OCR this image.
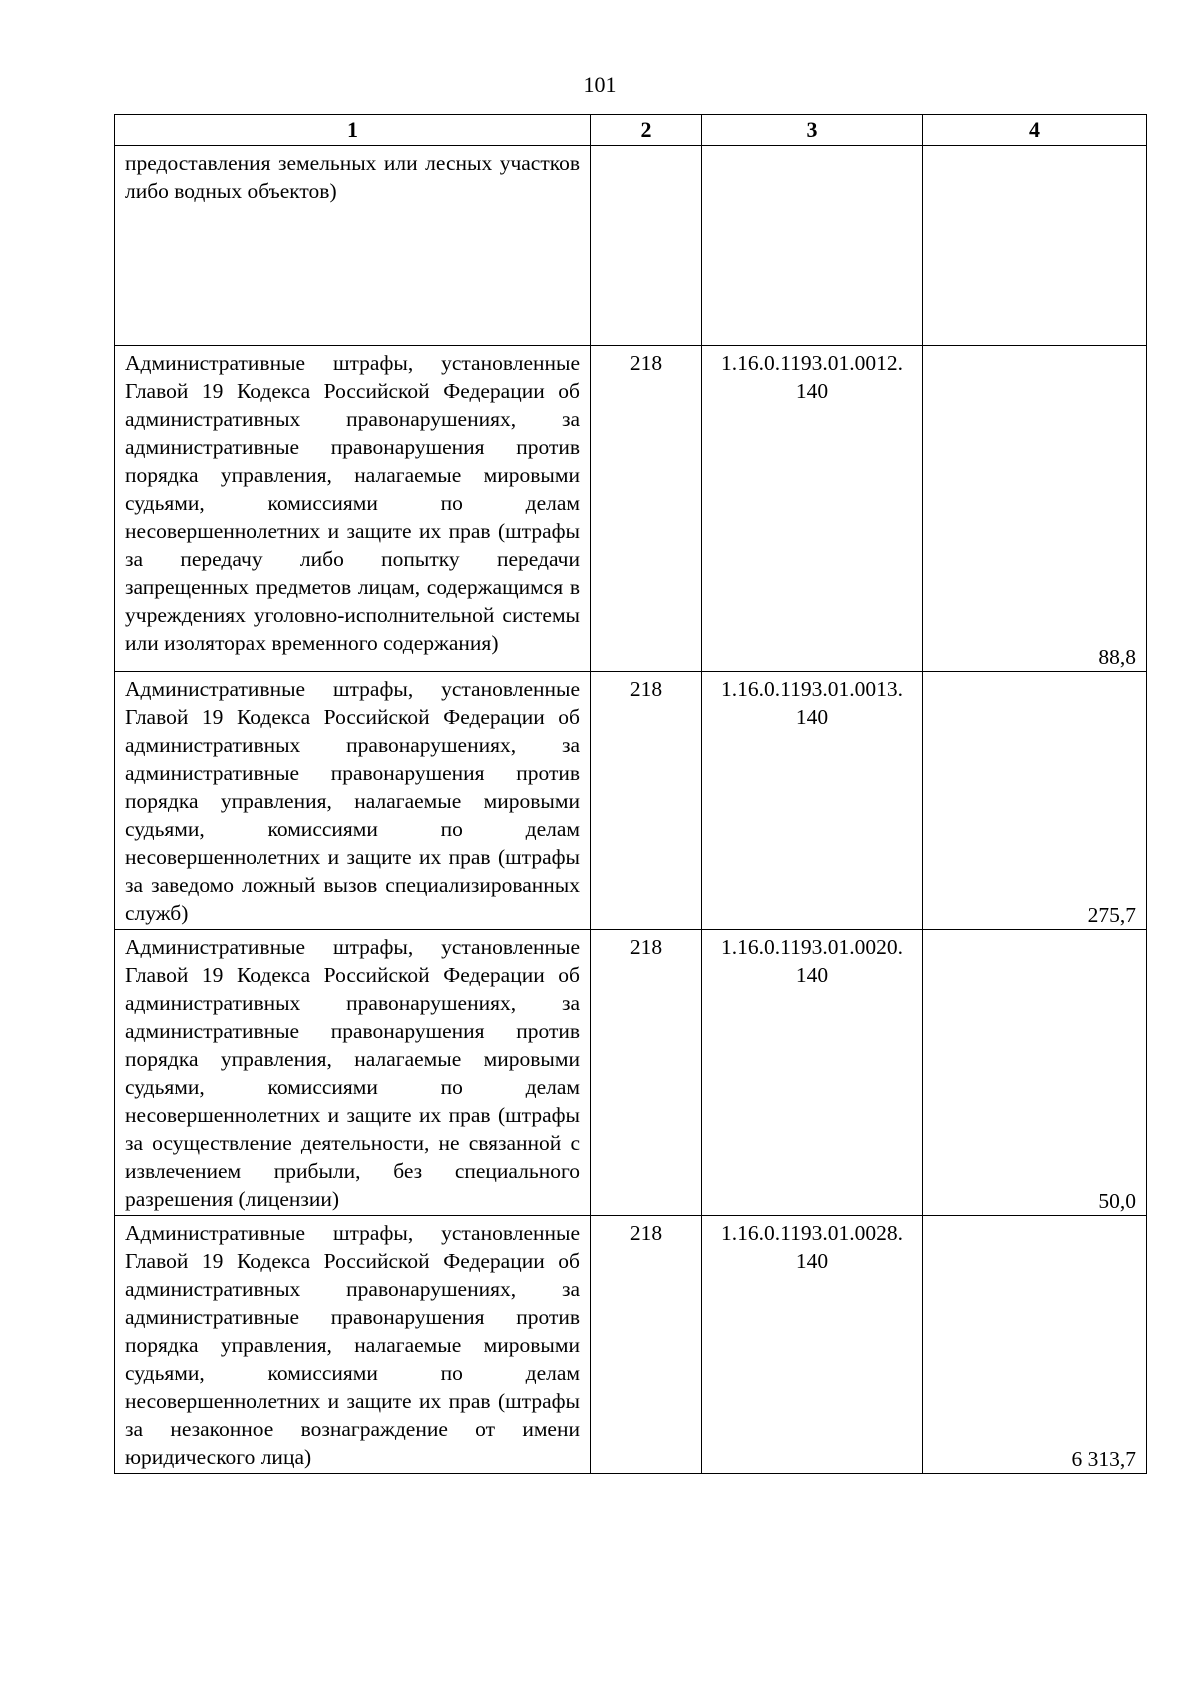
101
1	2	3	4

предоставления земельных или лесных участков либо водных объектов)			

Административные штрафы, установленные Главой 19 Кодекса Российской Федерации об административных правонарушениях, за административные правонарушения против порядка управления, налагаемые мировыми судьями, комиссиями по делам несовершеннолетних и защите их прав (штрафы за передачу либо попытку передачи запрещенных предметов лицам, содержащимся в учреждениях уголовно-исполнительной системы или изоляторах временного содержания)	218	1.16.0.1193.01.0012.
140	88,8

Административные штрафы, установленные Главой 19 Кодекса Российской Федерации об административных правонарушениях, за административные правонарушения против порядка управления, налагаемые мировыми судьями, комиссиями по делам несовершеннолетних и защите их прав (штрафы за заведомо ложный вызов специализированных служб)	218	1.16.0.1193.01.0013.
140	275,7

Административные штрафы, установленные Главой 19 Кодекса Российской Федерации об административных правонарушениях, за административные правонарушения против порядка управления, налагаемые мировыми судьями, комиссиями по делам несовершеннолетних и защите их прав (штрафы за осуществление деятельности, не связанной с извлечением прибыли, без специального разрешения (лицензии)	218	1.16.0.1193.01.0020.
140	50,0

Административные штрафы, установленные Главой 19 Кодекса Российской Федерации об административных правонарушениях, за административные правонарушения против порядка управления, налагаемые мировыми судьями, комиссиями по делам несовершеннолетних и защите их прав (штрафы за незаконное вознаграждение от имени юридического лица)	218	1.16.0.1193.01.0028.
140	6 313,7
